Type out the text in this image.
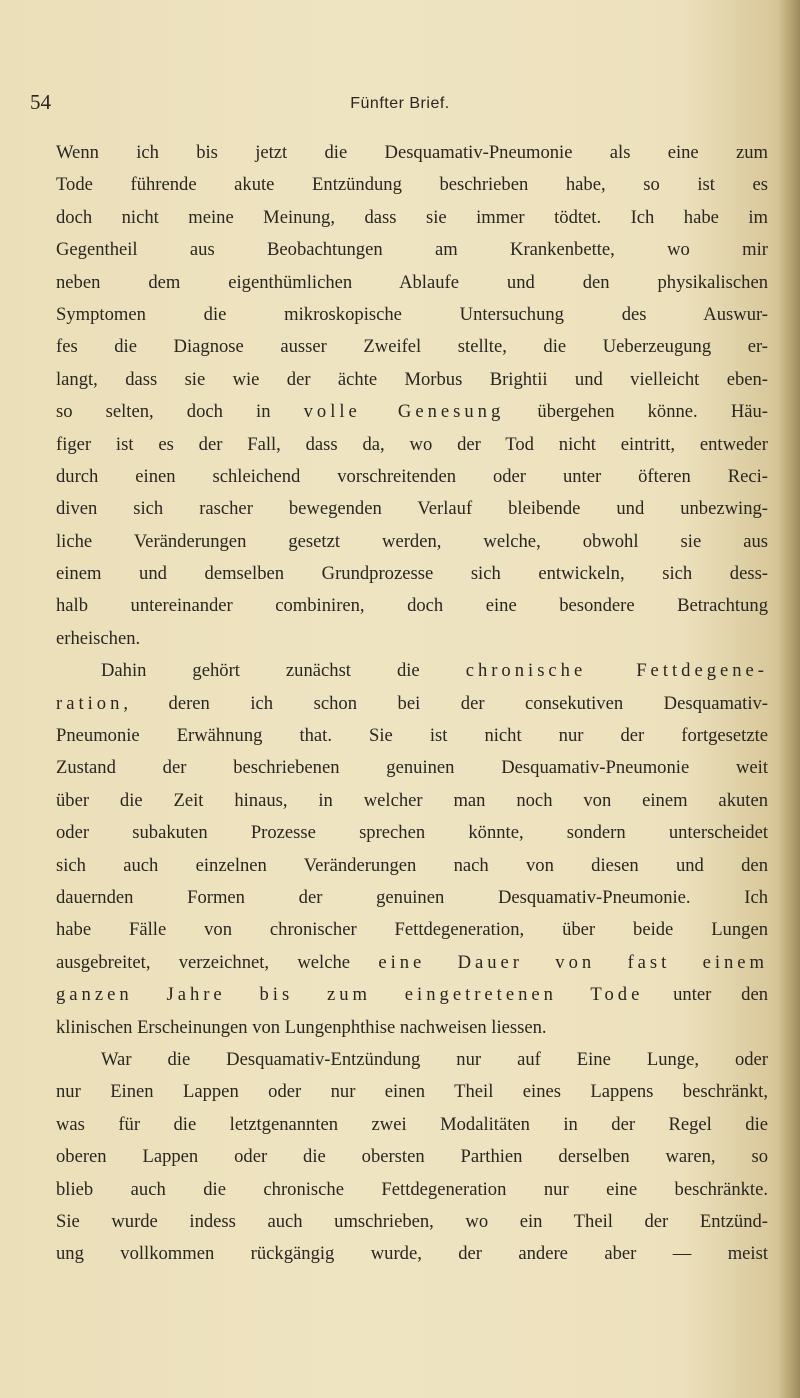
54	Fünfter Brief.
Wenn ich bis jetzt die Desquamativ-Pneumonie als eine zum
Tode führende akute Entzündung beschrieben habe, so ist es
doch nicht meine Meinung, dass sie immer tödtet. Ich habe im
Gegentheil aus Beobachtungen am Krankenbette, wo mir
neben dem eigenthümlichen Ablaufe und den physikalischen
Symptomen die mikroskopische Untersuchung des Auswur-
fes die Diagnose ausser Zweifel stellte, die Ueberzeugung er-
langt, dass sie wie der ächte Morbus Brightii und vielleicht eben-
so selten, doch in volle Genesung übergehen könne. Häu-
figer ist es der Fall, dass da, wo der Tod nicht eintritt, entweder
durch einen schleichend vorschreitenden oder unter öfteren Reci-
diven sich rascher bewegenden Verlauf bleibende und unbezwing-
liche Veränderungen gesetzt werden, welche, obwohl sie aus
einem und demselben Grundprozesse sich entwickeln, sich dess-
halb untereinander combiniren, doch eine besondere Betrachtung
erheischen.
Dahin gehört zunächst die chronische Fettdegene-
ration, deren ich schon bei der consekutiven Desquamativ-
Pneumonie Erwähnung that. Sie ist nicht nur der fortgesetzte
Zustand der beschriebenen genuinen Desquamativ-Pneumonie weit
über die Zeit hinaus, in welcher man noch von einem akuten
oder subakuten Prozesse sprechen könnte, sondern unterscheidet
sich auch einzelnen Veränderungen nach von diesen und den
dauernden Formen der genuinen Desquamativ-Pneumonie. Ich
habe Fälle von chronischer Fettdegeneration, über beide Lungen
ausgebreitet, verzeichnet, welche eine Dauer von fast einem
ganzen Jahre bis zum eingetretenen Tode unter den
klinischen Erscheinungen von Lungenphthise nachweisen liessen.
War die Desquamativ-Entzündung nur auf Eine Lunge, oder
nur Einen Lappen oder nur einen Theil eines Lappens beschränkt,
was für die letztgenannten zwei Modalitäten in der Regel die
oberen Lappen oder die obersten Parthien derselben waren, so
blieb auch die chronische Fettdegeneration nur eine beschränkte.
Sie wurde indess auch umschrieben, wo ein Theil der Entzünd-
ung vollkommen rückgängig wurde, der andere aber — meist
